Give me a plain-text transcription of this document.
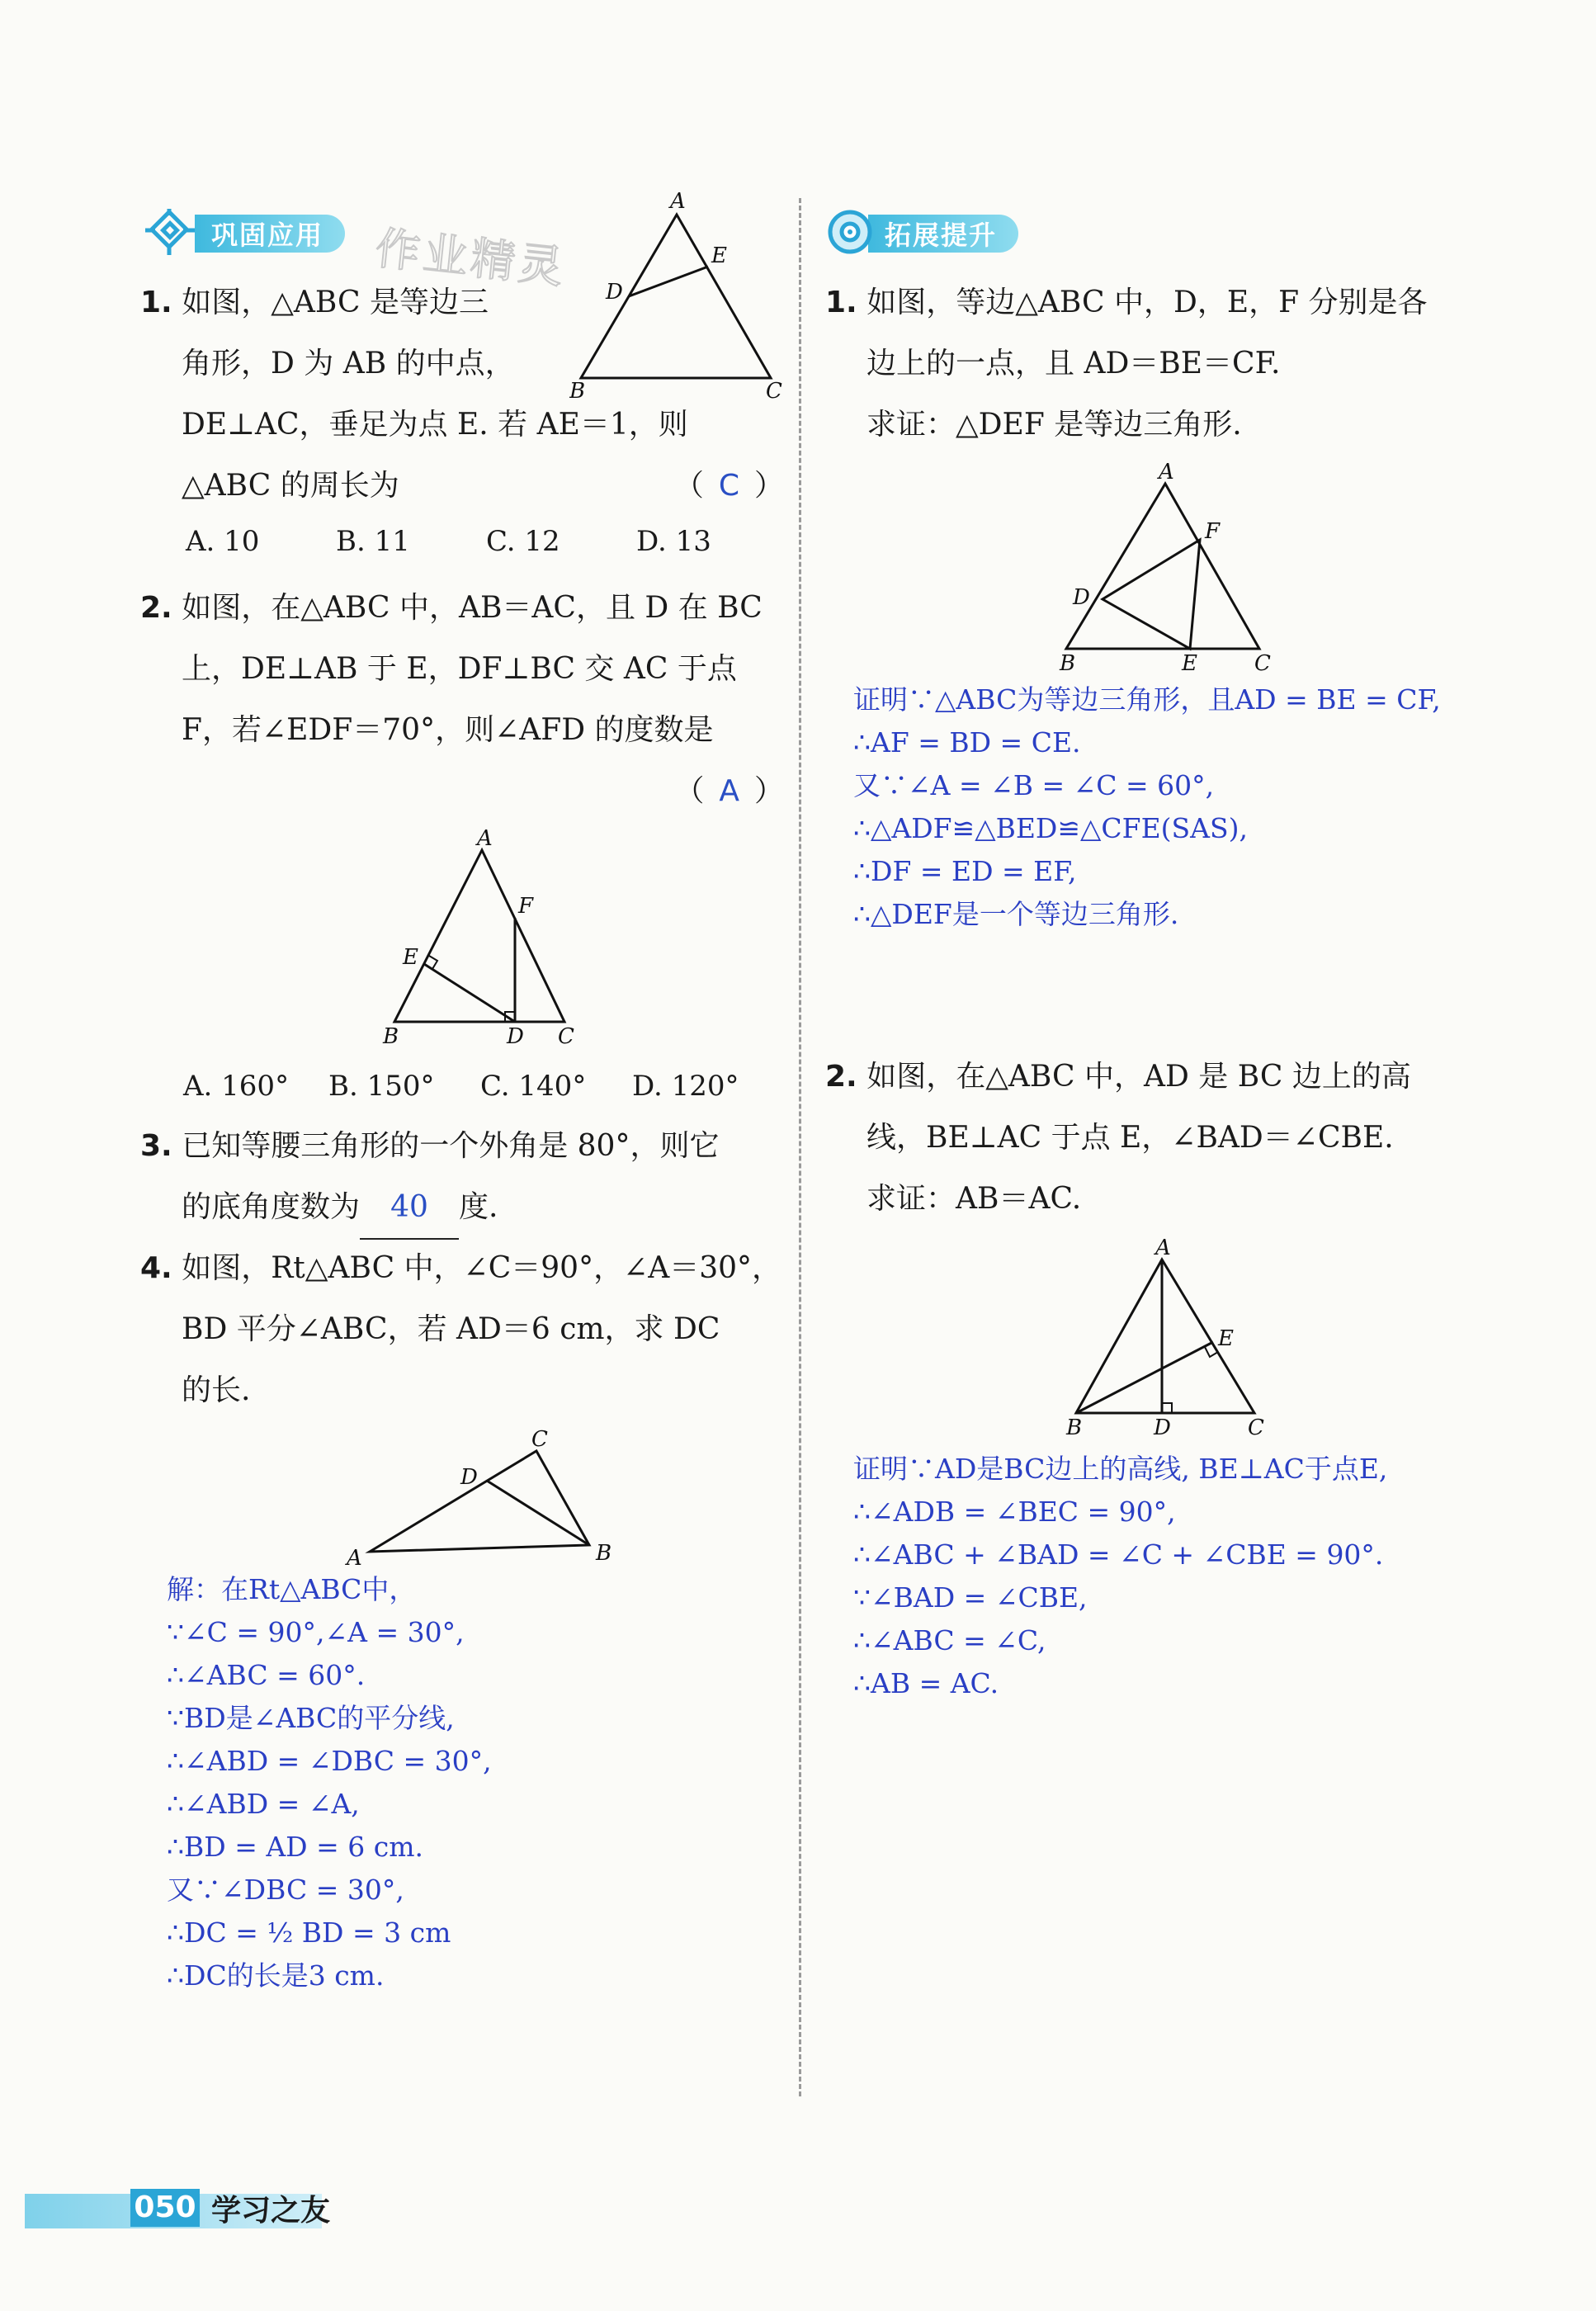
巩固应用	作业精灵
1. 如图，△ABC 是等边三
角形，D 为 AB 的中点，
DE⊥AC，垂足为点 E. 若 AE＝1，则
△ABC 的周长为	（ C ）
A
B	C
D
E
A. 10	B. 11	C. 12	D. 13
2. 如图，在△ABC 中，AB＝AC，且 D 在 BC
上，DE⊥AB 于 E，DF⊥BC 交 AC 于点
F，若∠EDF＝70°，则∠AFD 的度数是
（ A ）
A
B	C
D
E
F
A. 160°	B. 150°	C. 140°	D. 120°
3. 已知等腰三角形的一个外角是 80°，则它
的底角度数为 40 度.
4. 如图，Rt△ABC 中，∠C＝90°，∠A＝30°，
BD 平分∠ABC，若 AD＝6 cm，求 DC
的长.
C
D
A	B
解：在Rt△ABC中，
∵∠C = 90°,∠A = 30°,
∴∠ABC = 60°.
∵BD是∠ABC的平分线,
∴∠ABD = ∠DBC = 30°,
∴∠ABD = ∠A,
∴BD = AD = 6 cm.
又∵∠DBC = 30°,
∴DC = ½ BD = 3 cm
∴DC的长是3 cm.
拓展提升
1. 如图，等边△ABC 中，D，E，F 分别是各
边上的一点，且 AD＝BE＝CF.
求证：△DEF 是等边三角形.
A
B	C
D
E
F
证明∵△ABC为等边三角形，且AD = BE = CF,
∴AF = BD = CE.
又∵∠A = ∠B = ∠C = 60°,
∴△ADF≌△BED≌△CFE(SAS),
∴DF = ED = EF,
∴△DEF是一个等边三角形.
2. 如图，在△ABC 中，AD 是 BC 边上的高
线，BE⊥AC 于点 E，∠BAD＝∠CBE.
求证：AB＝AC.
A
B	C
D
E
证明∵AD是BC边上的高线, BE⊥AC于点E,
∴∠ADB = ∠BEC = 90°,
∴∠ABC + ∠BAD = ∠C + ∠CBE = 90°.
∵∠BAD = ∠CBE,
∴∠ABC = ∠C,
∴AB = AC.
050 学习之友
